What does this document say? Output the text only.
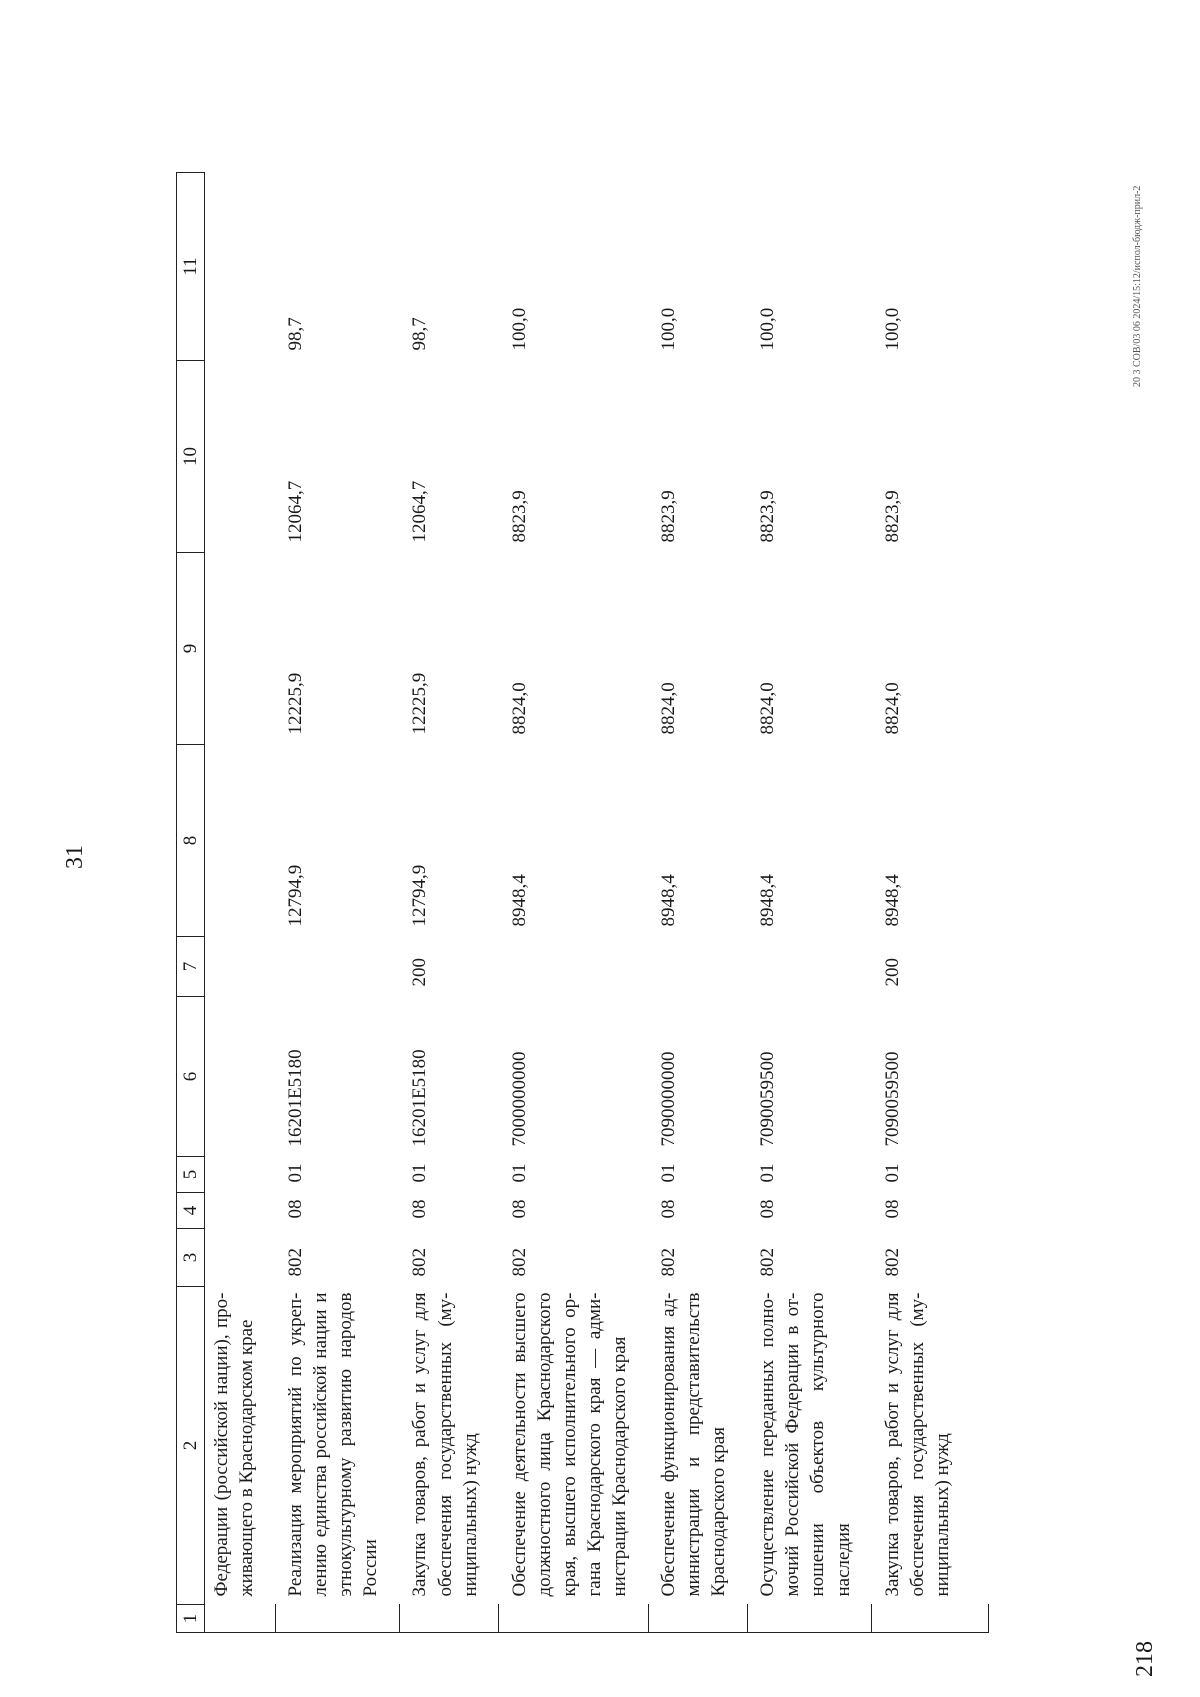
31
1	2	3	4	5	6	7	8	9	10	11
	Федерации (российской нации), про-живающего в Краснодарском крае									
	Реализация мероприятий по укреп-лению единства российской нации и этнокультурному развитию народов России	802	08	01	16201E5180		12794,9	12225,9	12064,7	98,7
	Закупка товаров, работ и услуг для обеспечения государственных (му-ниципальных) нужд	802	08	01	16201E5180	200	12794,9	12225,9	12064,7	98,7
	Обеспечение деятельности высшего должностного лица Краснодарского края, высшего исполнительного ор-гана Краснодарского края — адми-нистрации Краснодарского края	802	08	01	7000000000		8948,4	8824,0	8823,9	100,0
	Обеспечение функционирования ад-министрации и представительств Краснодарского края	802	08	01	7090000000		8948,4	8824,0	8823,9	100,0
	Осуществление переданных полно-мочий Российской Федерации в от-ношении объектов культурного наследия	802	08	01	7090059500		8948,4	8824,0	8823,9	100,0
	Закупка товаров, работ и услуг для обеспечения государственных (му-ниципальных) нужд	802	08	01	7090059500	200	8948,4	8824,0	8823,9	100,0	20 3 СОВ/03 06 2024/15:12/испол-бюдж-прил-2
218
